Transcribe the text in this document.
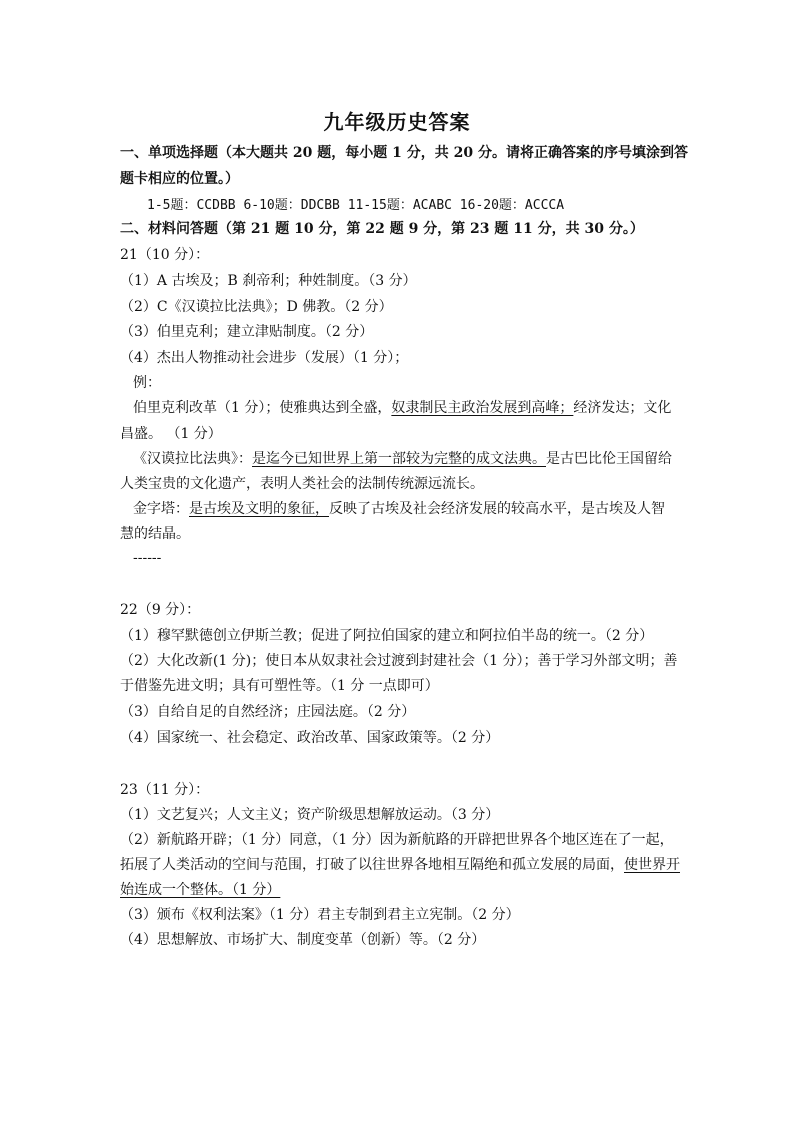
九年级历史答案
一、单项选择题（本大题共 20 题，每小题 1 分，共 20 分。请将正确答案的序号填涂到答
题卡相应的位置。）
1-5题：CCDBB 6-10题：DDCBB 11-15题：ACABC 16-20题：ACCCA
二、材料问答题（第 21 题 10 分，第 22 题 9 分，第 23 题 11 分，共 30 分。）
21（10 分）：
（1）A 古埃及；B 刹帝利；种姓制度。（3 分）
（2）C《汉谟拉比法典》；D 佛教。（2 分）
（3）伯里克利；建立津贴制度。（2 分）
（4）杰出人物推动社会进步（发展）（1 分）；
例：
伯里克利改革（1 分）；使雅典达到全盛，奴隶制民主政治发展到高峰；经济发达；文化
昌盛。 （1 分）
《汉谟拉比法典》：是迄今已知世界上第一部较为完整的成文法典。是古巴比伦王国留给
人类宝贵的文化遗产，表明人类社会的法制传统源远流长。
金字塔：是古埃及文明的象征，反映了古埃及社会经济发展的较高水平，是古埃及人智
慧的结晶。
------
22（9 分）：
（1）穆罕默德创立伊斯兰教；促进了阿拉伯国家的建立和阿拉伯半岛的统一。（2 分）
（2）大化改新(1 分)；使日本从奴隶社会过渡到封建社会（1 分）；善于学习外部文明；善
于借鉴先进文明；具有可塑性等。（1 分 一点即可）
（3）自给自足的自然经济；庄园法庭。（2 分）
（4）国家统一、社会稳定、政治改革、国家政策等。（2 分）
23（11 分）：
（1）文艺复兴；人文主义；资产阶级思想解放运动。（3 分）
（2）新航路开辟；（1 分）同意，（1 分）因为新航路的开辟把世界各个地区连在了一起，
拓展了人类活动的空间与范围，打破了以往世界各地相互隔绝和孤立发展的局面，使世界开
始连成一个整体。（1 分）
（3）颁布《权利法案》（1 分）君主专制到君主立宪制。（2 分）
（4）思想解放、市场扩大、制度变革（创新）等。（2 分）
